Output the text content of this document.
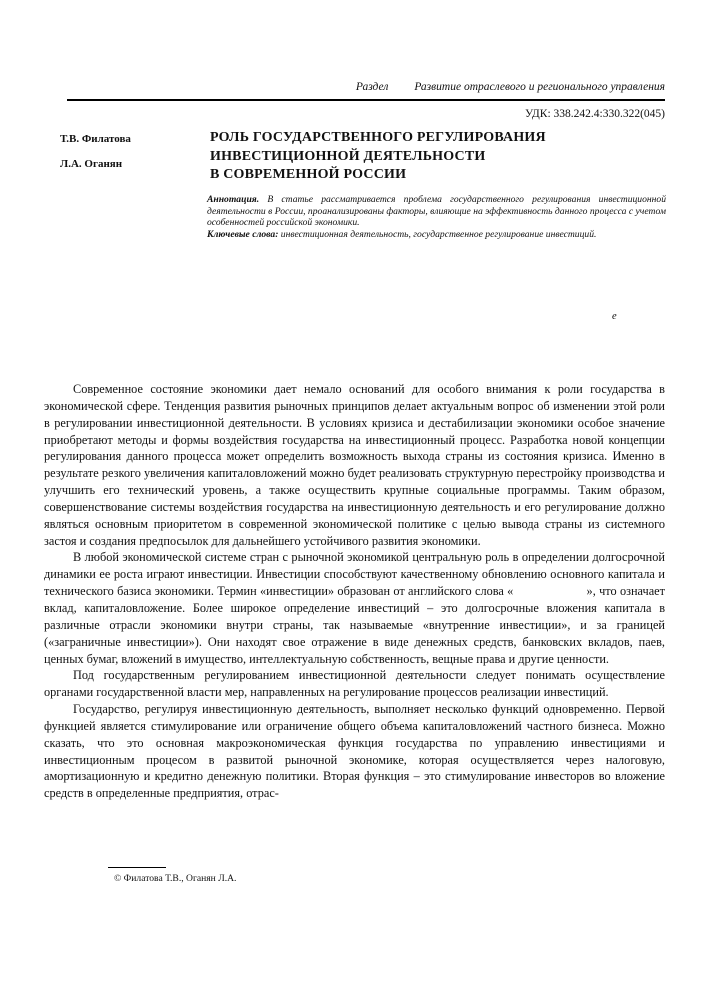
Раздел Развитие отраслевого и регионального управления
УДК: 338.242.4:330.322(045)
Т.В. Филатова
Л.А. Оганян
РОЛЬ ГОСУДАРСТВЕННОГО РЕГУЛИРОВАНИЯ
ИНВЕСТИЦИОННОЙ ДЕЯТЕЛЬНОСТИ
В СОВРЕМЕННОЙ РОССИИ

Аннотация. В статье рассматривается проблема государственного регулирования инвестиционной деятельности в России, проанализированы факторы, влияющие на эффективность данного процесса с учетом особенностей российской экономики.

Ключевые слова: инвестиционная деятельность, государственное регулирование инвестиций.

е

Современное состояние экономики дает немало оснований для особого внимания к роли государства в экономической сфере. Тенденция развития рыночных принципов делает актуальным вопрос об изменении этой роли в регулировании инвестиционной деятельности. В условиях кризиса и дестабилизации экономики особое значение приобретают методы и формы воздействия государства на инвестиционный процесс. Разработка новой концепции регулирования данного процесса может определить возможность выхода страны из состояния кризиса. Именно в результате резкого увеличения капиталовложений можно будет реализовать структурную перестройку производства и улучшить его технический уровень, а также осуществить крупные социальные программы. Таким образом, совершенствование системы воздействия государства на инвестиционную деятельность и его регулирование должно являться основным приоритетом в современной экономической политике с целью вывода страны из системного застоя и создания предпосылок для дальнейшего устойчивого развития экономики.

В любой экономической системе стран с рыночной экономикой центральную роль в определении долгосрочной динамики ее роста играют инвестиции. Инвестиции способствуют качественному обновлению основного капитала и технического базиса экономики. Термин «инвестиции» образован от английского слова «                      », что означает вклад, капиталовложение. Более широкое определение инвестиций – это долгосрочные вложения капитала в различные отрасли экономики внутри страны, так называемые «внутренние инвестиции», и за границей («заграничные инвестиции»). Они находят свое отражение в виде денежных средств, банковских вкладов, паев, ценных бумаг, вложений в имущество, интеллектуальную собственность, вещные права и другие ценности.

Под государственным регулированием инвестиционной деятельности следует понимать осуществление органами государственной власти мер, направленных на регулирование процессов реализации инвестиций.

Государство, регулируя инвестиционную деятельность, выполняет несколько функций одновременно. Первой функцией является стимулирование или ограничение общего объема капиталовложений частного бизнеса. Можно сказать, что это основная макроэкономическая функция государства по управлению инвестициями и инвестиционным процесом в развитой рыночной экономике, которая осуществляется через налоговую, амортизационную и кредитно денежную политики. Вторая функция – это стимулирование инвесторов во вложение средств в определенные предприятия, отрас-

© Филатова Т.В., Оганян Л.А.
